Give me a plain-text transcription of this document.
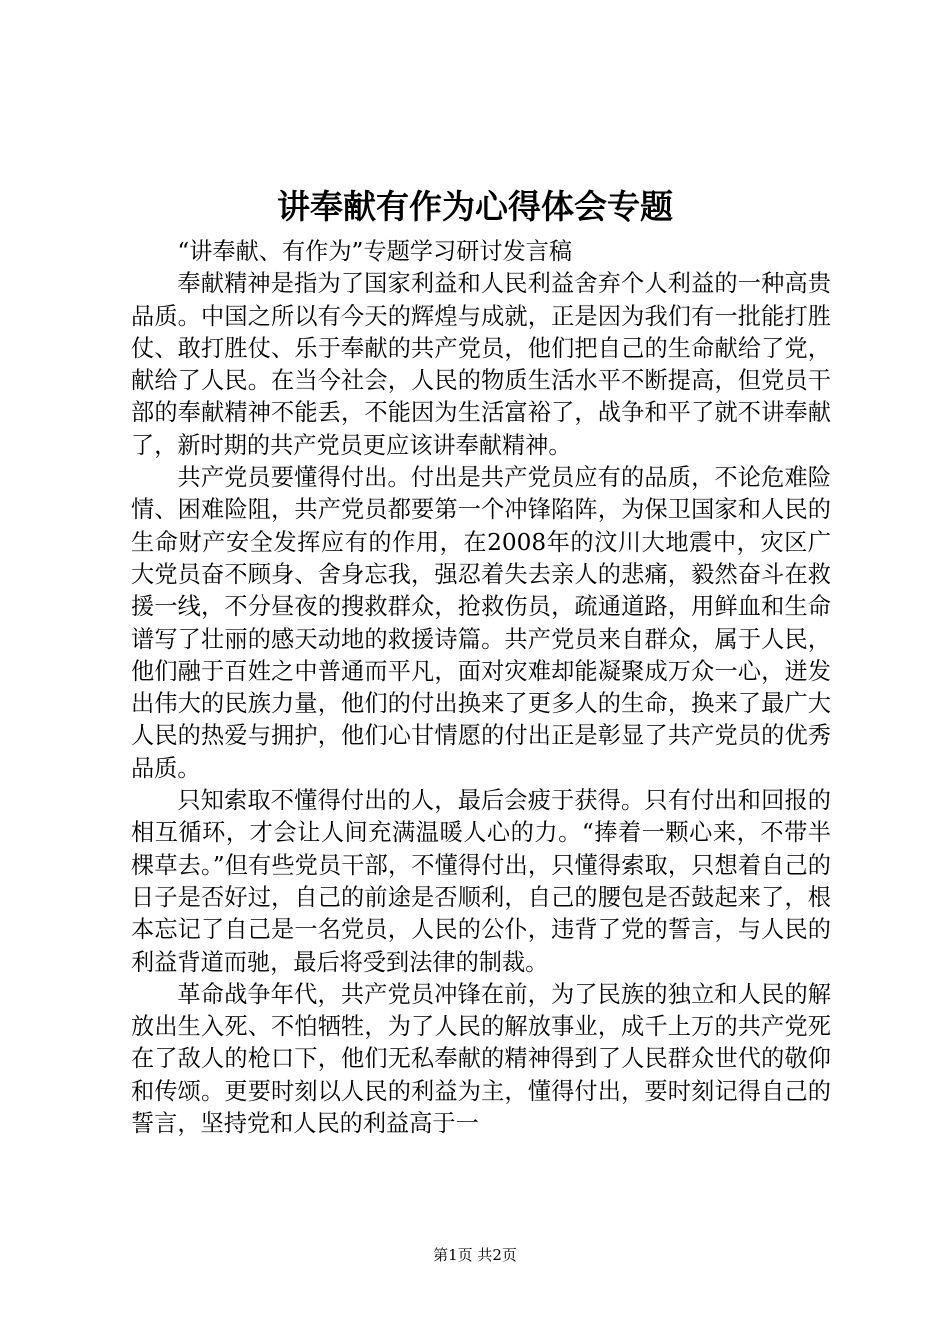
讲奉献有作为心得体会专题

“讲奉献、有作为”专题学习研讨发言稿

奉献精神是指为了国家利益和人民利益舍弃个人利益的一种高贵品质。中国之所以有今天的辉煌与成就，正是因为我们有一批能打胜仗、敢打胜仗、乐于奉献的共产党员，他们把自己的生命献给了党，献给了人民。在当今社会，人民的物质生活水平不断提高，但党员干部的奉献精神不能丢，不能因为生活富裕了，战争和平了就不讲奉献了，新时期的共产党员更应该讲奉献精神。

共产党员要懂得付出。付出是共产党员应有的品质，不论危难险情、困难险阻，共产党员都要第一个冲锋陷阵，为保卫国家和人民的生命财产安全发挥应有的作用，在2008年的汶川大地震中，灾区广大党员奋不顾身、舍身忘我，强忍着失去亲人的悲痛，毅然奋斗在救援一线，不分昼夜的搜救群众，抢救伤员，疏通道路，用鲜血和生命谱写了壮丽的感天动地的救援诗篇。共产党员来自群众，属于人民，他们融于百姓之中普通而平凡，面对灾难却能凝聚成万众一心，迸发出伟大的民族力量，他们的付出换来了更多人的生命，换来了最广大人民的热爱与拥护，他们心甘情愿的付出正是彰显了共产党员的优秀品质。

只知索取不懂得付出的人，最后会疲于获得。只有付出和回报的相互循环，才会让人间充满温暖人心的力。“捧着一颗心来，不带半棵草去。”但有些党员干部，不懂得付出，只懂得索取，只想着自己的日子是否好过，自己的前途是否顺利，自己的腰包是否鼓起来了，根本忘记了自己是一名党员，人民的公仆，违背了党的誓言，与人民的利益背道而驰，最后将受到法律的制裁。

革命战争年代，共产党员冲锋在前，为了民族的独立和人民的解放出生入死、不怕牺牲，为了人民的解放事业，成千上万的共产党死在了敌人的枪口下，他们无私奉献的精神得到了人民群众世代的敬仰和传颂。更要时刻以人民的利益为主，懂得付出，要时刻记得自己的誓言，坚持党和人民的利益高于一

第1页 共2页
